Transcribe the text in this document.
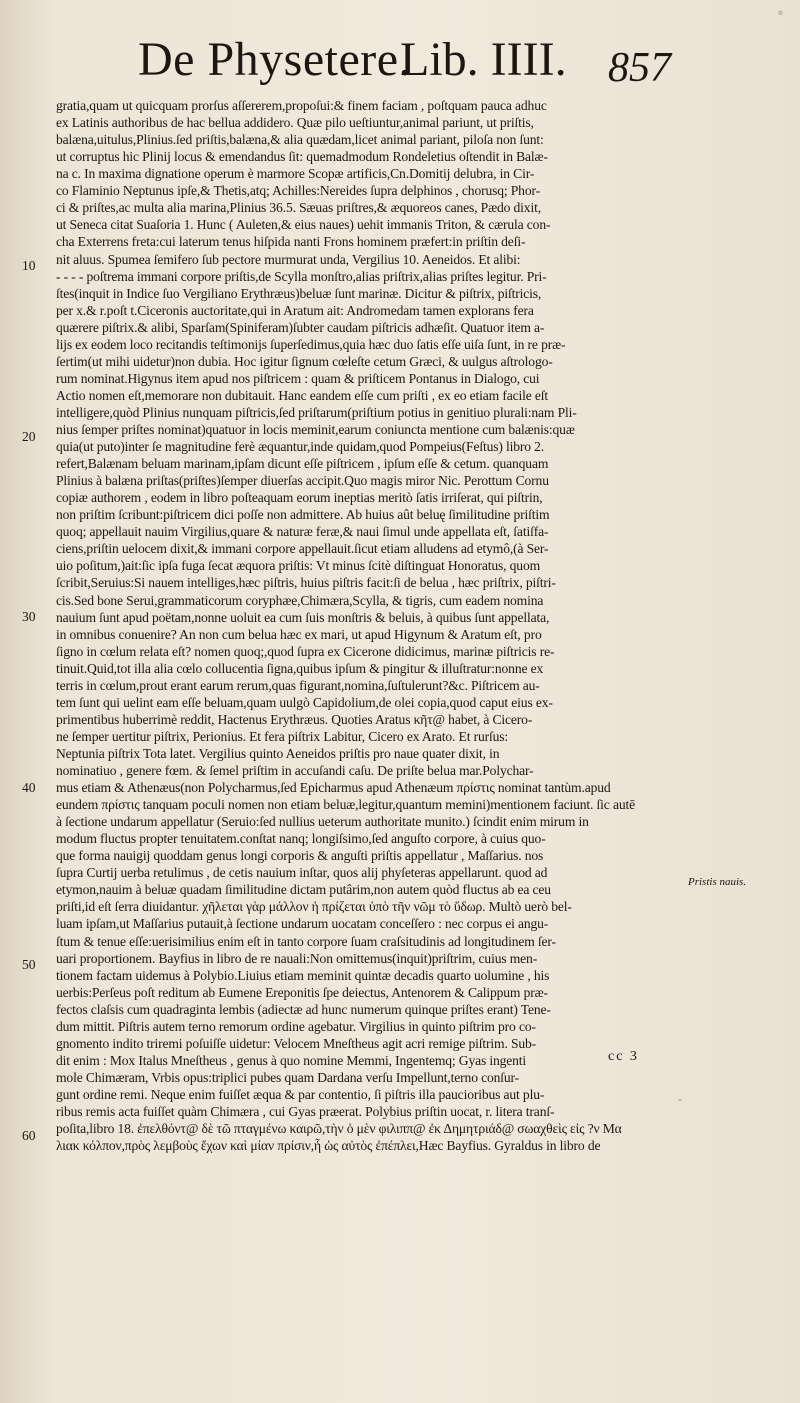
°
De Physetere.
Lib. IIII. 857
gratia,quam ut quicquam prorſus aſſererem,propoſui:& finem faciam , poſtquam pauca adhuc
ex Latinis authoribus de hac bellua addidero. Quæ pilo ueſtiuntur,animal pariunt, ut priſtis,
balæna,uitulus,Plinius.ſed priſtis,balæna,& alia quædam,licet animal pariant, piloſa non ſunt:
ut corruptus hic Plinij locus & emendandus ſit: quemadmodum Rondeletius oſtendit in Balæ-
na c. In maxima dignatione operum è marmore Scopæ artificis,Cn.Domitij delubra, in Cir-
co Flaminio Neptunus ipſe,& Thetis,atq; Achilles:Nereides ſupra delphinos , chorusq; Phor-
ci & priſtes,ac multa alia marina,Plinius 36.5. Sæuas priſtres,& æquoreos canes, Pædo dixit,
ut Seneca citat Suaſoria 1. Hunc ( Auleten,& eius naues) uehit immanis Triton, & cærula con-
cha Exterrens freta:cui laterum tenus hiſpida nanti Frons hominem præfert:in priſtin deſi-
nit aluus. Spumea ſemifero ſub pectore murmurat unda, Vergilius 10. Aeneidos. Et alibi:
- - - - poſtrema immani corpore priſtis,de Scylla monſtro,alias priſtrix,alias priſtes legitur. Pri-
ſtes(inquit in Indice ſuo Vergiliano Erythræus)beluæ ſunt marinæ. Dicitur & piſtrix, piſtricis,
per x.& r.poſt t.Ciceronis auctoritate,qui in Aratum ait: Andromedam tamen explorans fera
quærere piſtrix.& alibi, Sparſam(Spiniferam)ſubter caudam piſtricis adhæſit. Quatuor item a-
lijs ex eodem loco recitandis teſtimonijs ſuperſedimus,quia hæc duo ſatis eſſe uiſa ſunt, in re præ-
ſertim(ut mihi uidetur)non dubia. Hoc igitur ſignum cœleſte cetum Græci, & uulgus aſtrologo-
rum nominat.Higynus item apud nos piſtricem : quam & priſticem Pontanus in Dialogo, cui
Actio nomen eſt,memorare non dubitauit. Hanc eandem eſſe cum priſti , ex eo etiam facile eſt
intelligere,quòd Plinius nunquam piſtricis,ſed priſtarum(priſtium potius in genitiuo plurali:nam Pli-
nius ſemper priſtes nominat)quatuor in locis meminit,earum coniuncta mentione cum balænis:quæ
quia(ut puto)inter ſe magnitudine ferè æquantur,inde quidam,quod Pompeius(Feſtus) libro 2.
refert,Balænam beluam marinam,ipſam dicunt eſſe piſtricem , ipſum eſſe & cetum. quanquam
Plinius à balæna priſtas(priſtes)ſemper diuerſas accipit.Quo magis miror Nic. Perottum Cornu
copiæ authorem , eodem in libro poſteaquam eorum ineptias meritò ſatis irriſerat, qui piſtrin,
non priſtim ſcribunt:piſtricem dici poſſe non admittere. Ab huius aût beluę ſimilitudine priſtim
quoq; appellauit nauim Virgilius,quare & naturæ feræ,& naui ſimul unde appellata eſt, ſatiſfa-
ciens,priſtin uelocem dixit,& immani corpore appellauit.ſicut etiam alludens ad etymô,(à Ser-
uio poſitum,)ait:ſic ipſa fuga ſecat æquora priſtis: Vt minus ſcitè diſtinguat Honoratus, quom
ſcribit,Seruius:Si nauem intelliges,hæc piſtris, huius piſtris facit:ſi de belua , hæc priſtrix, piſtri-
cis.Sed bone Serui,grammaticorum coryphæe,Chimæra,Scylla, & tigris, cum eadem nomina
nauium ſunt apud poëtam,nonne uoluit ea cum ſuis monſtris & beluis, à quibus ſunt appellata,
in omnibus conuenire? An non cum belua hæc ex mari, ut apud Higynum & Aratum eſt, pro
ſigno in cœlum relata eſt? nomen quoq;,quod ſupra ex Cicerone didicimus, marinæ piſtricis re-
tinuit.Quid,tot illa alia cœlo collucentia ſigna,quibus ipſum & pingitur & illuſtratur:nonne ex
terris in cœlum,prout erant earum rerum,quas figurant,nomina,ſuſtulerunt?&c. Piſtricem au-
tem ſunt qui uelint eam eſſe beluam,quam uulgò Capidolium,de olei copia,quod caput eius ex-
primentibus huberrimè reddit, Hactenus Erythræus. Quoties Aratus κῆτ@ habet, à Cicero-
ne ſemper uertitur piſtrix, Perionius. Et fera piſtrix Labitur, Cicero ex Arato. Et rurſus:
Neptunia piſtrix Tota latet. Vergilius quinto Aeneidos priſtis pro naue quater dixit, in
nominatiuo , genere fœm. & ſemel priſtim in accuſandi caſu. De priſte belua mar.Polychar-
mus etiam & Athenæus(non Polycharmus,ſed Epicharmus apud Athenæum πρίστις nominat tantùm.apud
eundem πρίστις tanquam poculi nomen non etiam beluæ,legitur,quantum memini)mentionem faciunt. ſic autē
à ſectione undarum appellatur (Seruio:ſed nullius ueterum authoritate munito.) ſcindit enim mirum in
modum fluctus propter tenuitatem.conſtat nanq; longiſsimo,ſed anguſto corpore, à cuius quo-
que forma nauigij quoddam genus longi corporis & anguſti priſtis appellatur , Maſſarius. nos
ſupra Curtij uerba retulimus , de cetis nauium inſtar, quos alij phyſeteras appellarunt. quod ad
etymon,nauim à beluæ quadam ſimilitudine dictam putârim,non autem quòd fluctus ab ea ceu
priſti,id eſt ſerra diuidantur. χῆλεται γὰρ μάλλον ἡ πρίζεται ὑπὸ τῆν νῶμ τὸ ὕδωρ. Multò uerò bel-
luam ipſam,ut Maſſarius putauit,à ſectione undarum uocatam conceſſero : nec corpus ei angu-
ſtum & tenue eſſe:uerisimilius enim eſt in tanto corpore ſuam craſsitudinis ad longitudinem ſer-
uari proportionem. Bayfius in libro de re nauali:Non omittemus(inquit)priſtrim, cuius men-
tionem factam uidemus à Polybio.Liuius etiam meminit quintæ decadis quarto uolumine , his
uerbis:Perſeus poſt reditum ab Eumene Ereponitis ſpe deiectus, Antenorem & Calippum præ-
fectos claſsis cum quadraginta lembis (adiectæ ad hunc numerum quinque priſtes erant) Tene-
dum mittit. Piſtris autem terno remorum ordine agebatur. Virgilius in quinto piſtrim pro co-
gnomento indito triremi poſuiſſe uidetur: Velocem Mneſtheus agit acri remige piſtrim. Sub-
dit enim : Mox Italus Mneſtheus , genus à quo nomine Memmi, Ingentemq; Gyas ingenti
mole Chimæram, Vrbis opus:triplici pubes quam Dardana verſu Impellunt,terno conſur-
gunt ordine remi. Neque enim fuiſſet æqua & par contentio, ſi piſtris illa paucioribus aut plu-
ribus remis acta fuiſſet quàm Chimæra , cui Gyas præerat. Polybius priſtin uocat, r. litera tranſ-
poſita,libro 18. ἐπελθόντ@ δὲ τῶ πταγμένω καιρῶ,τὴν ὁ μὲν φιλιππ@ ἐκ Δημητριάδ@ σωαχθεὶς εἰς ?ν Μα
λιακ κόλπον,πρὸς λεμβοὺς ἔχων καὶ μίαν πρίσιν,ἧ ὡς αὐτὸς ἐπέπλει,Hæc Bayfius. Gyraldus in libro de
10
20
30
40
50
60
Pristis nauis.
-
cc 3
